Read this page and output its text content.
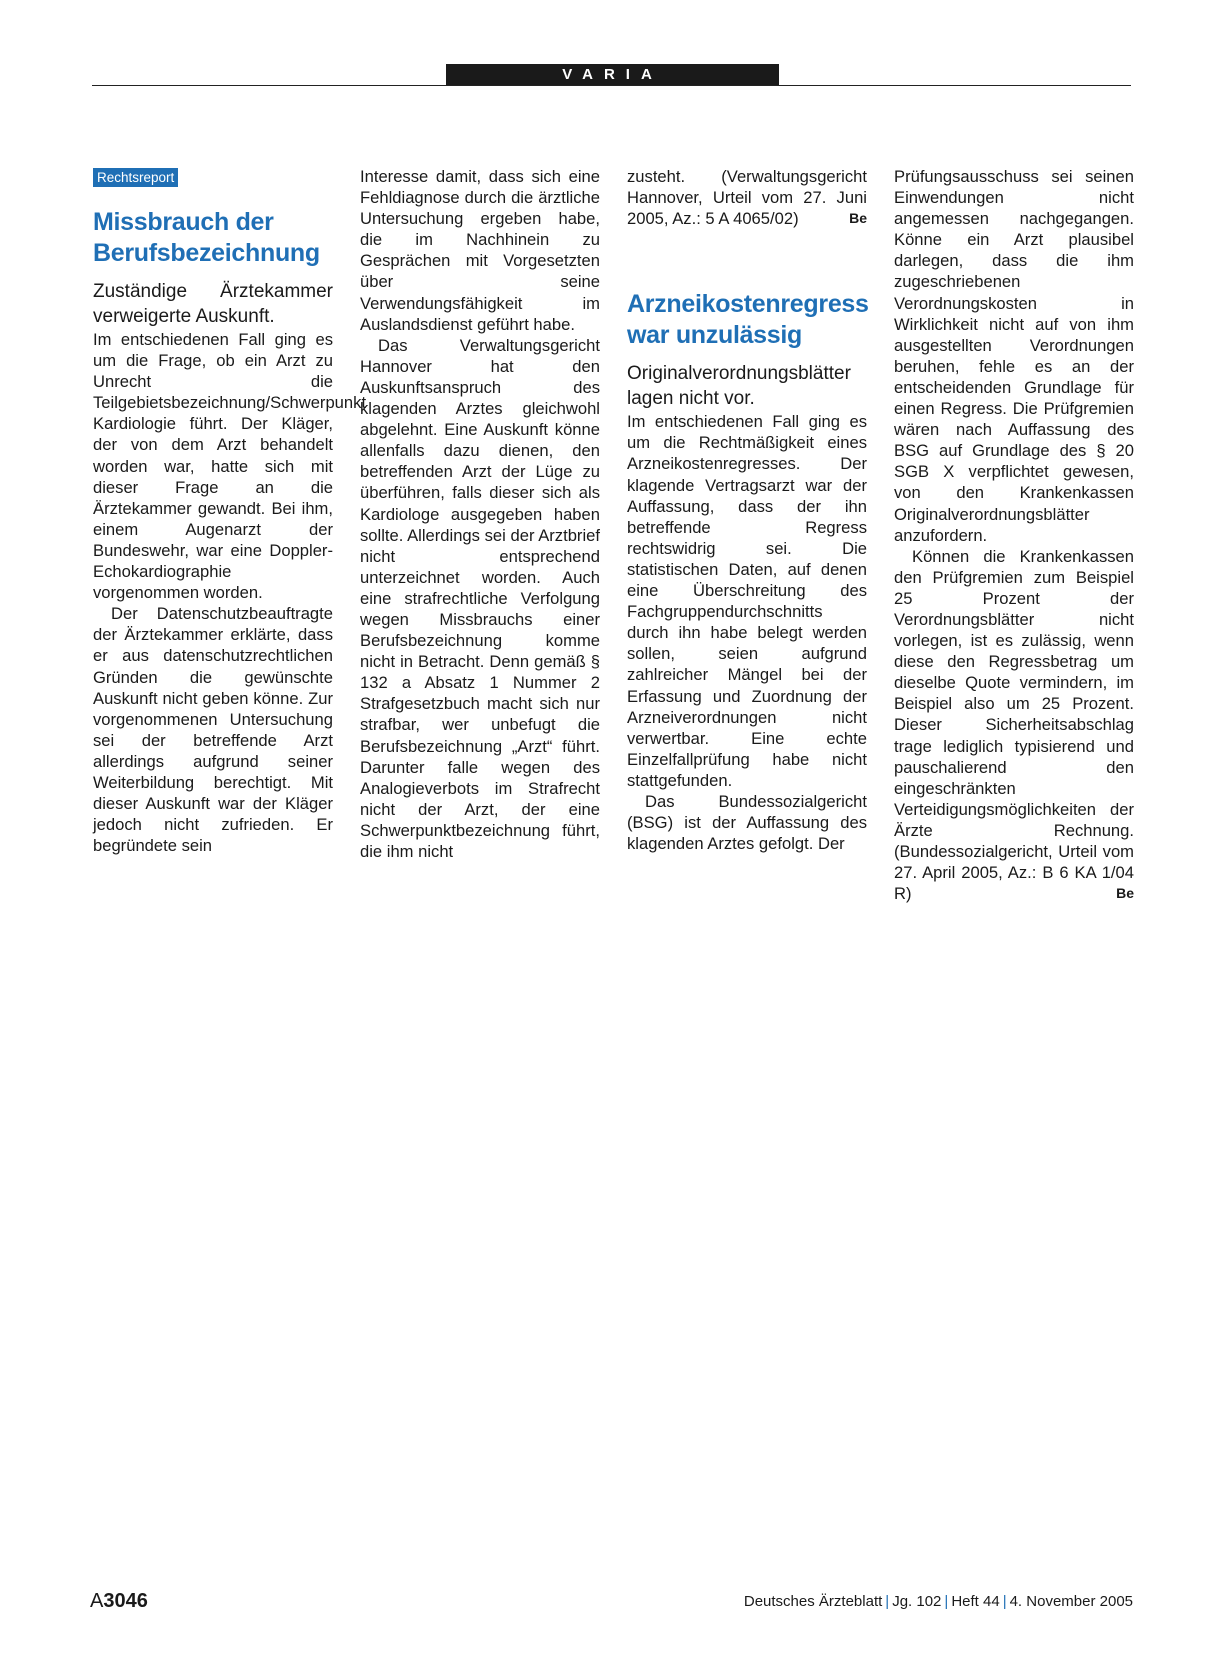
VARIA
Rechtsreport
Missbrauch der Berufsbezeichnung

Zuständige Ärztekammer verweigerte Auskunft.

Im entschiedenen Fall ging es um die Frage, ob ein Arzt zu Unrecht die Teilgebietsbezeichnung/Schwerpunkt Kardiologie führt. Der Kläger, der von dem Arzt behandelt worden war, hatte sich mit dieser Frage an die Ärztekammer gewandt. Bei ihm, einem Augenarzt der Bundeswehr, war eine Doppler-Echokardiographie vorgenommen worden.

Der Datenschutzbeauftragte der Ärztekammer erklärte, dass er aus datenschutzrechtlichen Gründen die gewünschte Auskunft nicht geben könne. Zur vorgenommenen Untersuchung sei der betreffende Arzt allerdings aufgrund seiner Weiterbildung berechtigt. Mit dieser Auskunft war der Kläger jedoch nicht zufrieden. Er begründete sein

Interesse damit, dass sich eine Fehldiagnose durch die ärztliche Untersuchung ergeben habe, die im Nachhinein zu Gesprächen mit Vorgesetzten über seine Verwendungsfähigkeit im Auslandsdienst geführt habe.

Das Verwaltungsgericht Hannover hat den Auskunftsanspruch des klagenden Arztes gleichwohl abgelehnt. Eine Auskunft könne allenfalls dazu dienen, den betreffenden Arzt der Lüge zu überführen, falls dieser sich als Kardiologe ausgegeben haben sollte. Allerdings sei der Arztbrief nicht entsprechend unterzeichnet worden. Auch eine strafrechtliche Verfolgung wegen Missbrauchs einer Berufsbezeichnung komme nicht in Betracht. Denn gemäß § 132 a Absatz 1 Nummer 2 Strafgesetzbuch macht sich nur strafbar, wer unbefugt die Berufsbezeichnung „Arzt“ führt. Darunter falle wegen des Analogieverbots im Strafrecht nicht der Arzt, der eine Schwerpunktbezeichnung führt, die ihm nicht

zusteht. (Verwaltungsgericht Hannover, Urteil vom 27. Juni 2005, Az.: 5 A 4065/02)	Be

Arzneikostenregress war unzulässig

Originalverordnungsblätter lagen nicht vor.

Im entschiedenen Fall ging es um die Rechtmäßigkeit eines Arzneikostenregresses. Der klagende Vertragsarzt war der Auffassung, dass der ihn betreffende Regress rechtswidrig sei. Die statistischen Daten, auf denen eine Überschreitung des Fachgruppendurchschnitts durch ihn habe belegt werden sollen, seien aufgrund zahlreicher Mängel bei der Erfassung und Zuordnung der Arzneiverordnungen nicht verwertbar. Eine echte Einzelfallprüfung habe nicht stattgefunden.

Das Bundessozialgericht (BSG) ist der Auffassung des klagenden Arztes gefolgt. Der

Prüfungsausschuss sei seinen Einwendungen nicht angemessen nachgegangen. Könne ein Arzt plausibel darlegen, dass die ihm zugeschriebenen Verordnungskosten in Wirklichkeit nicht auf von ihm ausgestellten Verordnungen beruhen, fehle es an der entscheidenden Grundlage für einen Regress. Die Prüfgremien wären nach Auffassung des BSG auf Grundlage des § 20 SGB X verpflichtet gewesen, von den Krankenkassen Originalverordnungsblätter anzufordern.

Können die Krankenkassen den Prüfgremien zum Beispiel 25 Prozent der Verordnungsblätter nicht vorlegen, ist es zulässig, wenn diese den Regressbetrag um dieselbe Quote vermindern, im Beispiel also um 25 Prozent. Dieser Sicherheitsabschlag trage lediglich typisierend und pauschalierend den eingeschränkten Verteidigungsmöglichkeiten der Ärzte Rechnung. (Bundessozialgericht, Urteil vom 27. April 2005, Az.: B 6 KA 1/04 R)	Be

A3046	Deutsches Ärzteblatt | Jg. 102 | Heft 44 | 4. November 2005
